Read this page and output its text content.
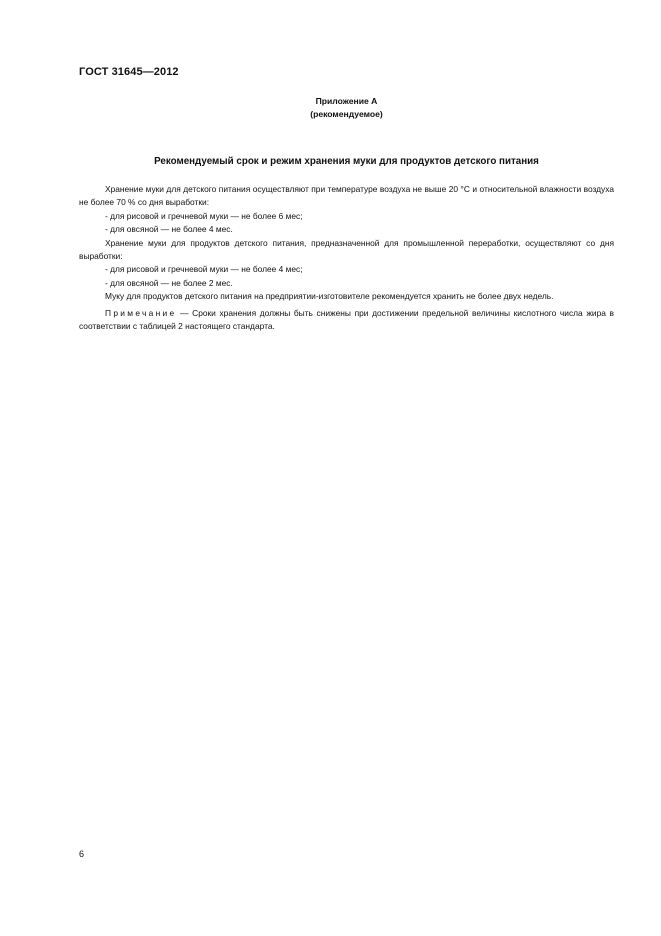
ГОСТ 31645—2012
Приложение А
(рекомендуемое)
Рекомендуемый срок и режим хранения муки для продуктов детского питания

Хранение муки для детского питания осуществляют при температуре воздуха не выше 20 °С и относительной влажности воздуха не более 70 % со дня выработки:

- для рисовой и гречневой муки — не более 6 мес;

- для овсяной — не более 4 мес.

Хранение муки для продуктов детского питания, предназначенной для промышленной переработки, осуществляют со дня выработки:

- для рисовой и гречневой муки — не более 4 мес;

- для овсяной — не более 2 мес.

Муку для продуктов детского питания на предприятии-изготовителе рекомендуется хранить не более двух недель.

Примечание — Сроки хранения должны быть снижены при достижении предельной величины кислотного числа жира в соответствии с таблицей 2 настоящего стандарта.

6
